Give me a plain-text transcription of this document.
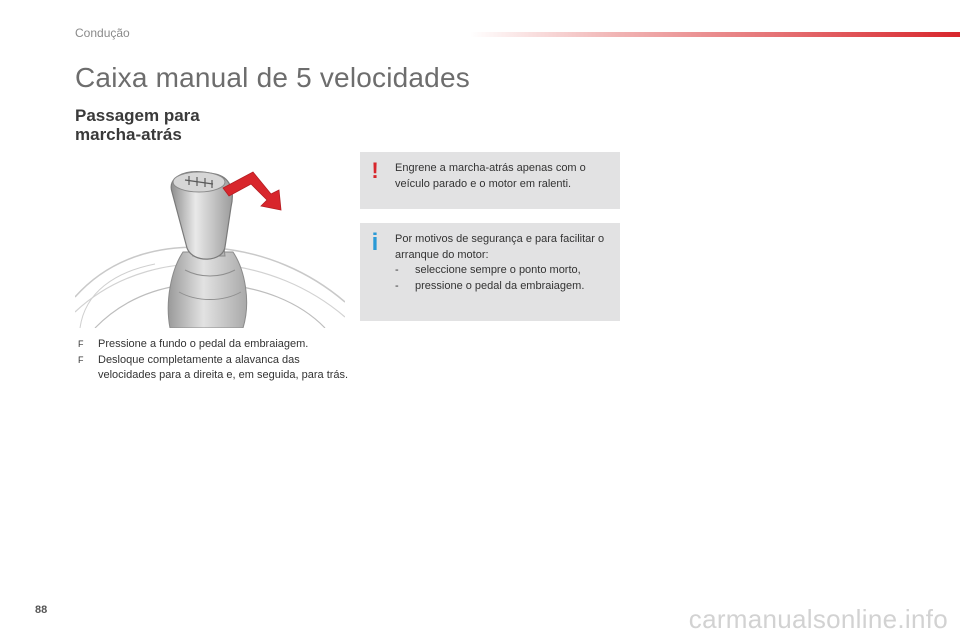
Condução
Caixa manual de 5 velocidades
Passagem para
marcha-atrás
F Pressione a fundo o pedal da embraiagem.
F Desloque completamente a alavanca das velocidades para a direita e, em seguida, para trás.
!	Engrene a marcha-atrás apenas com o veículo parado e o motor em ralenti.
i	Por motivos de segurança e para facilitar o arranque do motor:
- seleccione sempre o ponto morto,
- pressione o pedal da embraiagem.
88	carmanualsonline.info
